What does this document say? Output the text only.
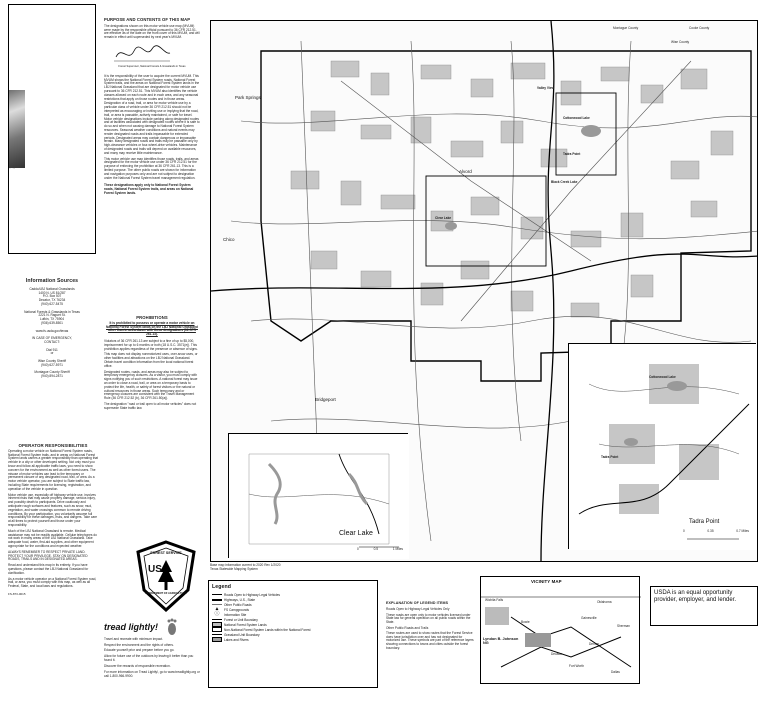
Information Sources
Caddo/LBJ National Grasslands
1400 N. US 81/287
P.O. Box 507
Decatur, TX 76234
(940) 627-5475
National Forests & Grasslands in Texas
2221 N. Raguet St.
Lufkin, TX 75904
(936) 639-8501
www.fs.usda.gov/texas
IN CASE OF EMERGENCY,
CONTACT:
Dial 911
or
Wise County Sheriff
(940) 627-5971
Montague County Sheriff
(940) 894-2871
OPERATOR RESPONSIBILITIES

Operating a motor vehicle on National Forest System roads, National Forest System trails, and in areas on National Forest System lands carries a greater responsibility than operating that vehicle in a city or other developed setting. Not only must you know and follow all applicable traffic laws, you need to show concern for the environment as well as other forest users. The misuse of motor vehicles can lead to the temporary or permanent closure of any designated road, trail, or area. As a motor vehicle operator, you are subject to State traffic law, including State requirements for licensing, registration, and operation of the vehicle in question.

Motor vehicle use, especially off highway vehicle use, involves inherent risks that may cause property damage, serious injury, and possibly death to participants. Drive cautiously and anticipate rough surfaces and features, such as snow, mud, vegetation, and water crossings common to remote driving conditions. By your participation, you voluntarily assume full responsibility for these damages, risks, and dangers. Take care at all times to protect yourself and those under your responsibility.

Much of the LBJ National Grassland is remote. Medical assistance may not be readily available. Cellular telephones do not work in many areas of the LBJ National Grassland. Take adequate food, water, first-aid supplies, and other equipment appropriate for the conditions and expected weather.

ALWAYS REMEMBER TO RESPECT PRIVATE LAND. PROTECT YOUR PRIVILEGE. STAY ON DESIGNATED ROADS, TRAILS AND IN DESIGNATED AREAS.

Read and understand this map in its entirety. If you have questions, please contact the LBJ National Grassland for clarification.

As a motor vehicle operator on a National Forest System road, trail, or area, you must comply with this map, as well as all Federal, State, and local laws and regulations.

FS-873-0015
PURPOSE AND CONTENTS OF THIS MAP

The designations shown on this motor vehicle use map (MVUM) were made by the responsible official pursuant to 36 CFR 212.51, are effective as of the date on the front cover of this MVUM, and will remain in effect until superseded by next year's MVUM.

Forest Supervisor, National Forests & Grasslands in Texas

It is the responsibility of the user to acquire the current MVUM. This MVUM shows the National Forest System roads, National Forest System trails, and the areas on National Forest System lands in the LBJ National Grassland that are designated for motor vehicle use pursuant to 36 CFR 212.51. This MVUM also identifies the vehicle classes allowed on each route and in each area, and any seasonal restrictions that apply on those routes and in those areas.

Designation of a road, trail, or area for motor vehicle use by a particular class of vehicle under 36 CFR 212.51 should not be interpreted as encouraging or inviting use or implying that the road, trail, or area is passable, actively maintained, or safe for travel. Motor vehicle designations include parking along designated routes and at facilities associated with designated routes where it is safe to do so and when not causing damage to National Forest System resources. Seasonal weather conditions and natural events may render designated roads and trails impassable for extended periods. Designated areas may contain dangerous or impassable terrain. Many designated roads and trails may be passable only by high-clearance vehicles or four-wheel-drive vehicles. Maintenance of designated roads and trails will depend on available resources, and many may receive little maintenance.

This motor vehicle use map identifies those roads, trails, and areas designated for the motor vehicle use under 36 CFR 212.51 for the purpose of enforcing the prohibition at 36 CFR 261.13. This is a limited purpose. The other public roads are shown for information and navigation purposes only and are not subject to designation under the National Forest System travel management regulation.

These designations apply only to National Forest System roads, National Forest System trails, and areas on National Forest System lands.

PROHIBITIONS

It is prohibited to possess or operate a motor vehicle on National Forest System lands on the LBJ National Grassland other than in accordance with these designations (36 CFR 261.13).

Violators of 36 CFR 261.13 are subject to a fine of up to $5,000, imprisonment for up to 6 months or both (18 U.S.C. 3571(e)). This prohibition applies regardless of the presence or absence of signs.

This map does not display nonmotorized uses, over-snow uses, or other facilities and attractions on the LBJ National Grassland. Obtain travel condition information from the local national forest office.

Designated routes, roads, and areas may also be subject to temporary emergency closures. As a visitor, you must comply with signs notifying you of such restrictions. A national forest may issue an order to close a road, trail, or area on a temporary basis to protect the life, health, or safety of forest visitors or the natural or cultural resources in those areas. Such temporary and or emergency closures are consistent with the Travel Management Rule (36 CFR 212.52 (b), 36 CFR 261.50(a)).

The designation "road or trail open to all motor vehicles" does not supersede State traffic law.

FOREST SERVICE
US
DEPARTMENT OF AGRICULTURE
tread lightly!
Travel and recreate with minimum impact.
Respect the environment and the rights of others.
Educate yourself prior and prepare before you go.
Allow for future use of the outdoors by leaving it better than you found it.
Discover the rewards of responsible recreation.
For more information on Tread Lightly!, go to www.treadlightly.org or call 1-800-966-9900.
Park Springs
Chico
Alvord
Bridgeport
Valley View
Montague County	Cooke County
Wise County
Cottonwood Lake
Black Creek Lake
Clear Lake
Tadra Point
Clear Lake
0	0.5	1 Miles
Cottonwood Lake
Tadra Point
Tadra Point
0	0.35	0.7 Miles
Base map information current to 2020 Rev 1/2020
Texas Statewide Mapping System
Legend
Roads Open to Highway Legal Vehicles
Highways, U.S., State
Other Public Roads
▲	FS Campgrounds
ⓘ	Information Site
Forest or Unit Boundary
National Forest System Lands
Non-National Forest System Lands within the National Forest
Grassland Unit Boundary
Lakes and Rivers
EXPLANATION OF LEGEND ITEMS
Roads Open to Highway Legal Vehicles Only

These roads are open only to motor vehicles licensed under State law for general operation on all public roads within the State.

Other Public Roads and Trails

These routes are used to show routes that the Forest Service does have jurisdiction over and has not designated for motorized use. These symbols are part of the reference layers showing connections to towns and cities outside the forest boundary.

VICINITY MAP
Wichita Falls
Gainesville
Bowie
Lyndon B. Johnson NG
Decatur
Denton
Fort Worth
Dallas
Oklahoma
Sherman
USDA is an equal opportunity provider, employer, and lender.
